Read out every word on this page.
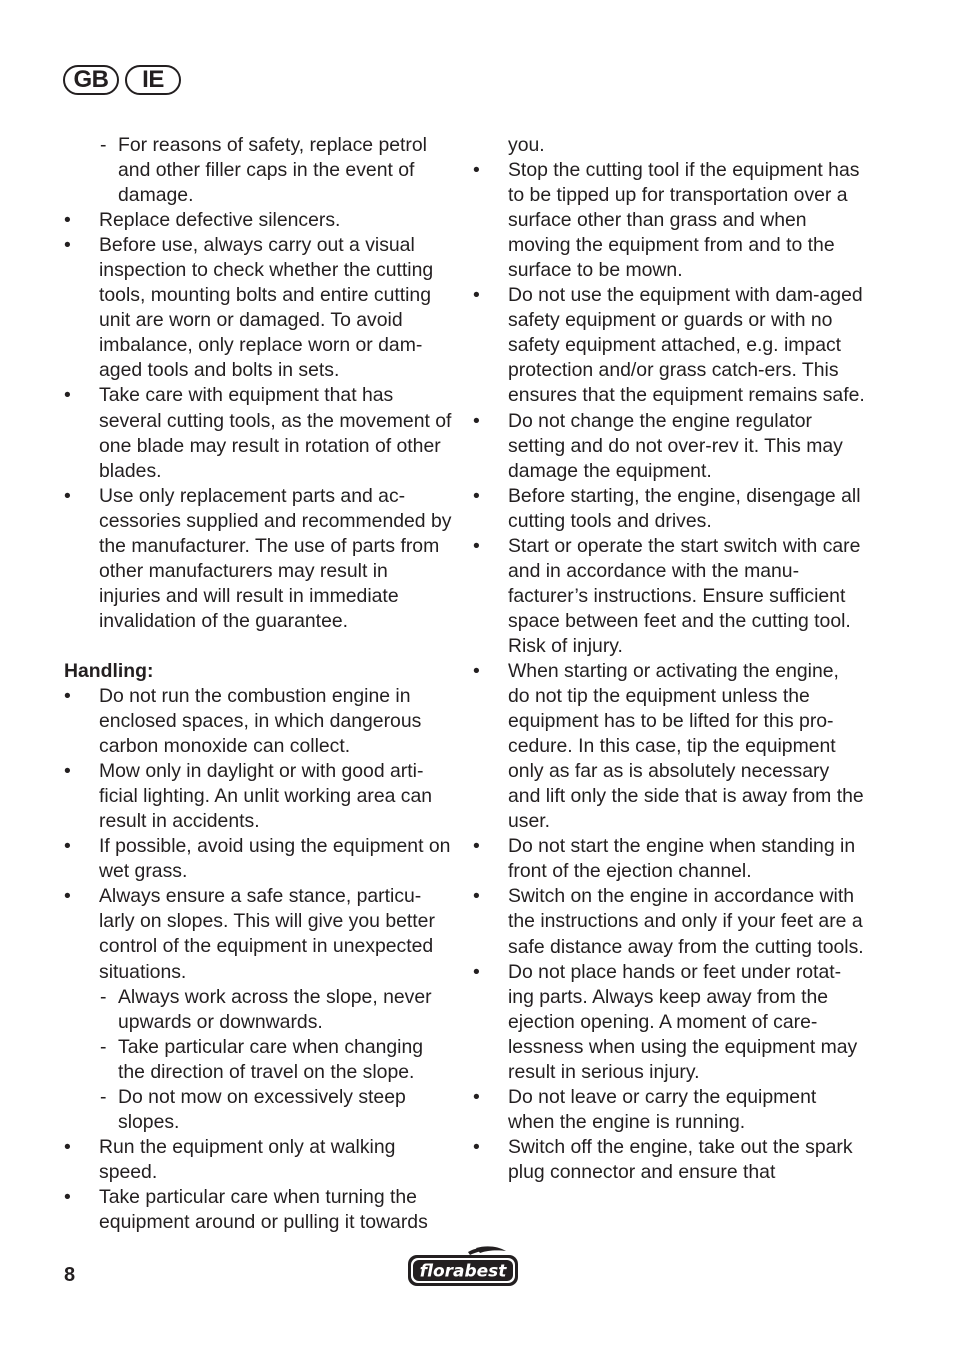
GB	IE
- For reasons of safety, replace petrol and other filler caps in the event of damage.
• Replace defective silencers.
• Before use, always carry out a visual inspection to check whether the cutting tools, mounting bolts and entire cutting unit are worn or damaged. To avoid imbalance, only replace worn or dam-aged tools and bolts in sets.
• Take care with equipment that has several cutting tools, as the movement of one blade may result in rotation of other blades.
• Use only replacement parts and ac-cessories supplied and recommended by the manufacturer. The use of parts from other manufacturers may result in injuries and will result in immediate invalidation of the guarantee.
Handling:
• Do not run the combustion engine in enclosed spaces, in which dangerous carbon monoxide can collect.
• Mow only in daylight or with good arti-ficial lighting. An unlit working area can result in accidents.
• If possible, avoid using the equipment on wet grass.
• Always ensure a safe stance, particu-larly on slopes. This will give you better control of the equipment in unexpected situations.
- Always work across the slope, never upwards or downwards.
- Take particular care when changing the direction of travel on the slope.
- Do not mow on excessively steep slopes.
• Run the equipment only at walking speed.
• Take particular care when turning the equipment around or pulling it towards
you.
• Stop the cutting tool if the equipment has to be tipped up for transportation over a surface other than grass and when moving the equipment from and to the surface to be mown.
• Do not use the equipment with dam-aged safety equipment or guards or with no safety equipment attached, e.g. impact protection and/or grass catch-ers. This ensures that the equipment remains safe.
• Do not change the engine regulator setting and do not over-rev it. This may damage the equipment.
• Before starting, the engine, disengage all cutting tools and drives.
• Start or operate the start switch with care and in accordance with the manu-facturer’s instructions. Ensure sufficient space between feet and the cutting tool. Risk of injury.
• When starting or activating the engine, do not tip the equipment unless the equipment has to be lifted for this pro-cedure. In this case, tip the equipment only as far as is absolutely necessary and lift only the side that is away from the user.
• Do not start the engine when standing in front of the ejection channel.
• Switch on the engine in accordance with the instructions and only if your feet are a safe distance away from the cutting tools.
• Do not place hands or feet under rotat-ing parts. Always keep away from the ejection opening. A moment of care-lessness when using the equipment may result in serious injury.
• Do not leave or carry the equipment when the engine is running.
• Switch off the engine, take out the spark plug connector and ensure that
8	florabest
